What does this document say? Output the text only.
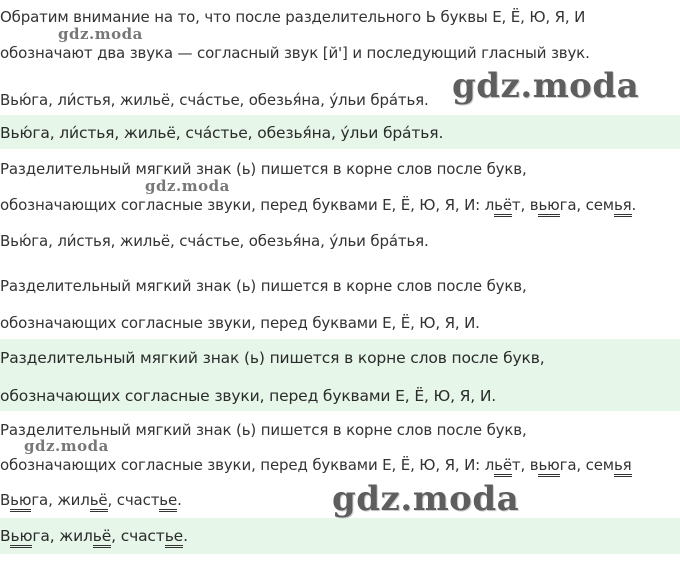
Обратим внимание на то, что после разделительного Ь буквы Е, Ё, Ю, Я, И
обозначают два звука — согласный звук [й'] и последующий гласный звук.
Вью́га, ли́стья, жильё, сча́стье, обезья́на, у́льи бра́тья.
Вью́га, ли́стья, жильё, сча́стье, обезья́на, у́льи бра́тья.
Разделительный мягкий знак (ь) пишется в корне слов после букв,
обозначающих согласные звуки, перед буквами Е, Ё, Ю, Я, И: льёт, вьюга, семья.
Вью́га, ли́стья, жильё, сча́стье, обезья́на, у́льи бра́тья.
Разделительный мягкий знак (ь) пишется в корне слов после букв,
обозначающих согласные звуки, перед буквами Е, Ё, Ю, Я, И.
Разделительный мягкий знак (ь) пишется в корне слов после букв,
обозначающих согласные звуки, перед буквами Е, Ё, Ю, Я, И.
Разделительный мягкий знак (ь) пишется в корне слов после букв,
обозначающих согласные звуки, перед буквами Е, Ё, Ю, Я, И: льёт, вьюга, семья
Вьюга, жильё, счастье.
Вьюга, жильё, счастье.
gdz.moda
gdz.moda
gdz.moda
gdz.moda
gdz.moda
